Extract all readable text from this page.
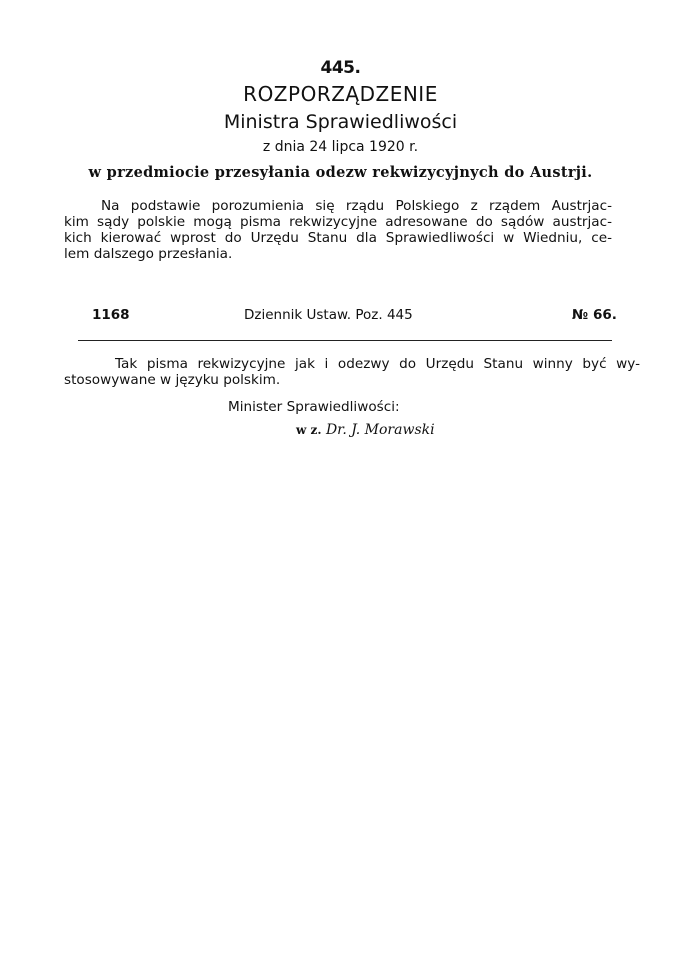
445.
ROZPORZĄDZENIE
Ministra Sprawiedliwości
z dnia 24 lipca 1920 r.
w przedmiocie przesyłania odezw rekwizycyjnych do Austrji.
Na podstawie porozumienia się rządu Polskiego z rządem Austrjac-
kim sądy polskie mogą pisma rekwizycyjne adresowane do sądów austrjac-
kich kierować wprost do Urzędu Stanu dla Sprawiedliwości w Wiedniu, ce-
lem dalszego przesłania.
1168	Dziennik Ustaw. Poz. 445	№ 66.
Tak pisma rekwizycyjne jak i odezwy do Urzędu Stanu winny być wy-
stosowywane w języku polskim.
Minister Sprawiedliwości:
w z. Dr. J. Morawski
